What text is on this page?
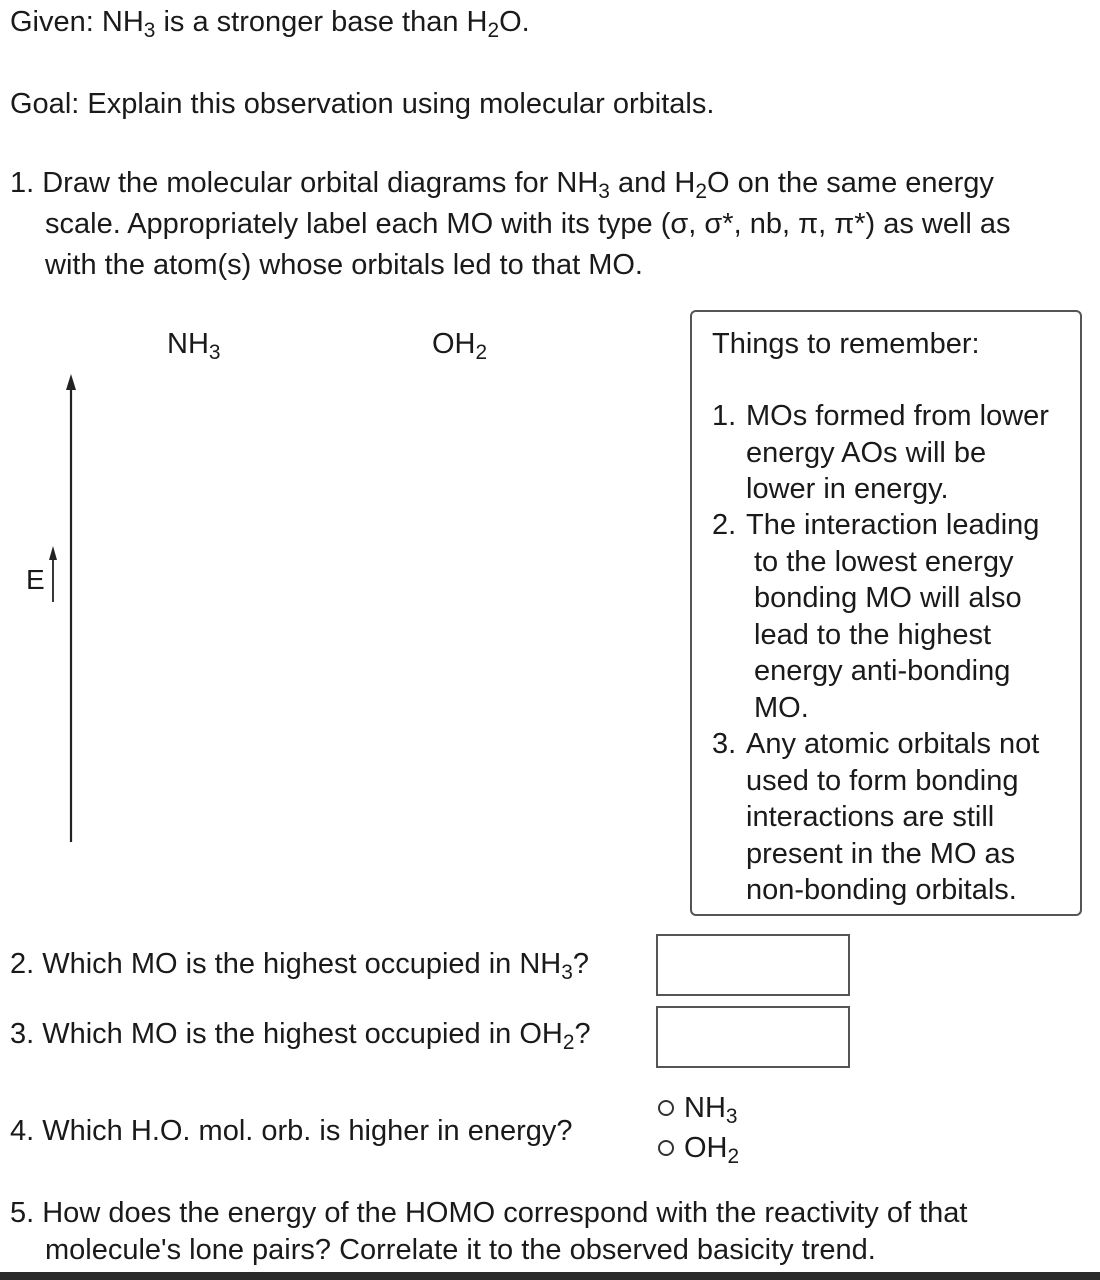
Given: $NH_3$ is a stronger base than $H_2O$.
Goal: Explain this observation using molecular orbitals.
1. Draw the molecular orbital diagrams for $NH_3$ and $H_2O$ on the same energy
scale. Appropriately label each MO with its type (σ, σ*, nb, π, π*) as well as
with the atom(s) whose orbitals led to that MO.
$NH_3$	$OH_2$
E
Things to remember:
1. MOs formed from lower
energy AOs will be
lower in energy.
2. The interaction leading
to the lowest energy
bonding MO will also
lead to the highest
energy anti-bonding
MO.
3. Any atomic orbitals not
used to form bonding
interactions are still
present in the MO as
non-bonding orbitals.
2. Which MO is the highest occupied in $NH_3$?
3. Which MO is the highest occupied in $OH_2$?
4. Which H.O. mol. orb. is higher in energy?
$NH_3$
$OH_2$
5. How does the energy of the HOMO correspond with the reactivity of that
molecule's lone pairs? Correlate it to the observed basicity trend.
